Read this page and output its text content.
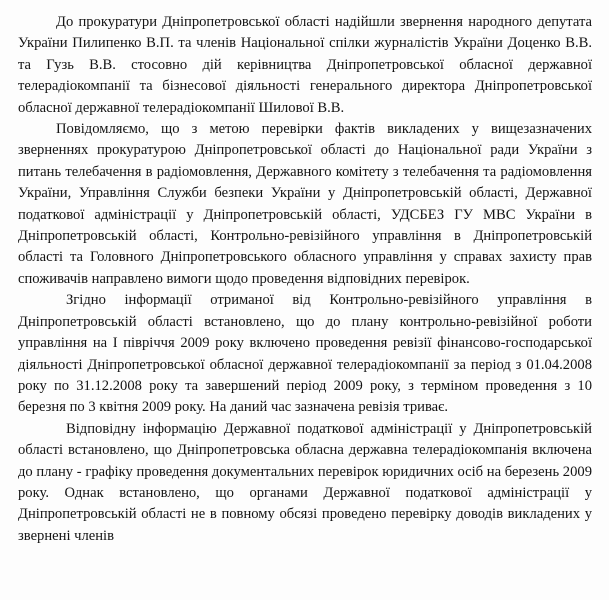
До прокуратури Дніпропетровської області надійшли звернення народного депутата України Пилипенко В.П. та членів Національної спілки журналістів України Доценко В.В. та Гузь В.В. стосовно дій керівництва Дніпропетровської обласної державної телерадіокомпанії та бізнесової діяльності генерального директора Дніпропетровської обласної державної телерадіокомпанії Шилової В.В.

Повідомляємо, що з метою перевірки фактів викладених у вищезазначених зверненнях прокуратурою Дніпропетровської області до Національної ради України з питань телебачення в радіомовлення, Державного комітету з телебачення та радіомовлення України, Управління Служби безпеки України у Дніпропетровській області, Державної податкової адміністрації у Дніпропетровській області, УДСБЕЗ ГУ МВС України в Дніпропетровській області, Контрольно-ревізійного управління в Дніпропетровській області та Головного Дніпропетровського обласного управління у справах захисту прав споживачів направлено вимоги щодо проведення відповідних перевірок.

Згідно інформації отриманої від Контрольно-ревізійного управління в Дніпропетровській області встановлено, що до плану контрольно-ревізійної роботи управління на I півріччя 2009 року включено проведення ревізії фінансово-господарської діяльності Дніпропетровської обласної державної телерадіокомпанії за період з 01.04.2008 року по 31.12.2008 року та завершений період 2009 року, з терміном проведення з 10 березня по 3 квітня 2009 року. На даний час зазначена ревізія триває.

Відповідну інформацію Державної податкової адміністрації у Дніпропетровській області встановлено, що Дніпропетровська обласна державна телерадіокомпанія включена до плану - графіку проведення документальних перевірок юридичних осіб на березень 2009 року. Однак встановлено, що органами Державної податкової адміністрації у Дніпропетровській області не в повному обсязі проведено перевірку доводів викладених у звернені членів
